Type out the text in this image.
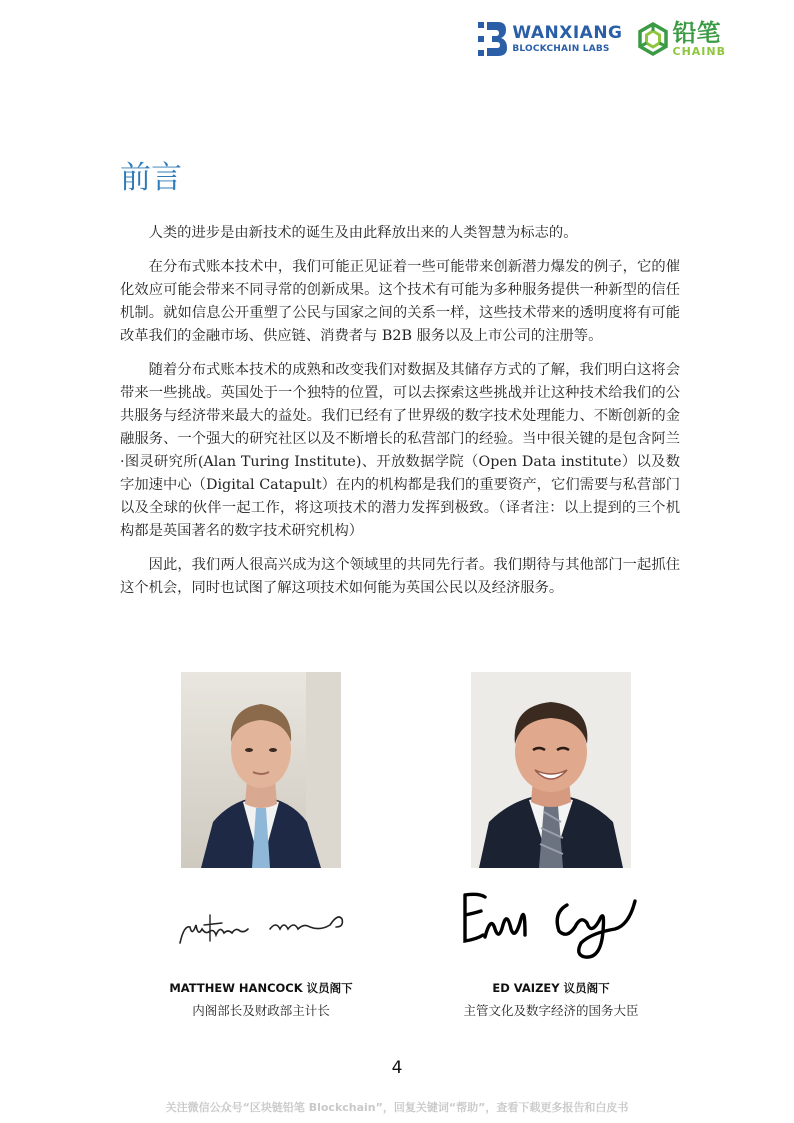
WANXIANG
BLOCKCHAIN LABS
铅笔
CHAINB
前言

人类的进步是由新技术的诞生及由此释放出来的人类智慧为标志的。

在分布式账本技术中，我们可能正见证着一些可能带来创新潜力爆发的例子，它的催化效应可能会带来不同寻常的创新成果。这个技术有可能为多种服务提供一种新型的信任机制。就如信息公开重塑了公民与国家之间的关系一样，这些技术带来的透明度将有可能改革我们的金融市场、供应链、消费者与 B2B 服务以及上市公司的注册等。

随着分布式账本技术的成熟和改变我们对数据及其储存方式的了解，我们明白这将会带来一些挑战。英国处于一个独特的位置，可以去探索这些挑战并让这种技术给我们的公共服务与经济带来最大的益处。我们已经有了世界级的数字技术处理能力、不断创新的金融服务、一个强大的研究社区以及不断增长的私营部门的经验。当中很关键的是包含阿兰·图灵研究所(Alan Turing Institute)、开放数据学院（Open Data institute）以及数字加速中心（Digital Catapult）在内的机构都是我们的重要资产，它们需要与私营部门以及全球的伙伴一起工作，将这项技术的潜力发挥到极致。（译者注：以上提到的三个机构都是英国著名的数字技术研究机构）

因此，我们两人很高兴成为这个领域里的共同先行者。我们期待与其他部门一起抓住这个机会，同时也试图了解这项技术如何能为英国公民以及经济服务。

MATTHEW HANCOCK 议员阁下
内阁部长及财政部主计长
ED VAIZEY 议员阁下
主管文化及数字经济的国务大臣
4
关注微信公众号“区块链铅笔 Blockchain”，回复关键词“帮助”，查看下载更多报告和白皮书
